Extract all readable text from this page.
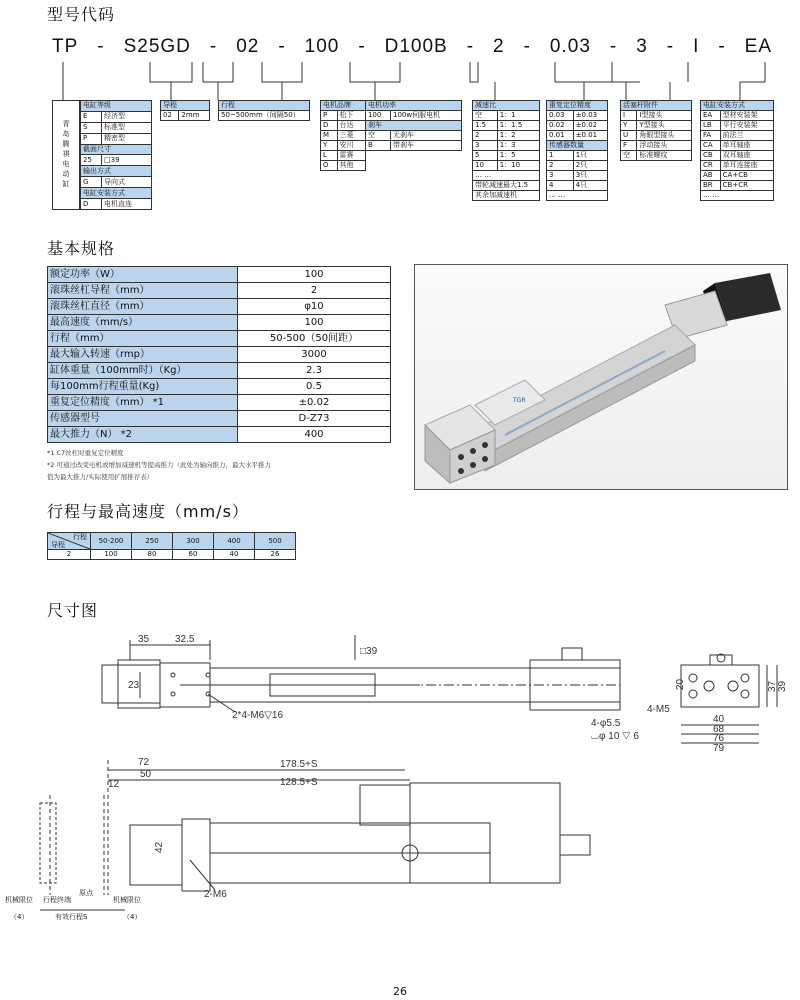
型号代码
TP - S25GD - 02 - 100 - D100B - 2 - 0.03 - 3 - I - EA
青岛腾祺电动缸
电缸等级	
E	经济型
S	标准型
P	精密型
截面尺寸	
25	□39
输出方式	
G	导向式
电缸安装方式	
D	电机直连
导程
02	2mm
行程
50~500mm（间隔50）
电机品牌		电机功率	
P	松下	100	100w伺服电机
D	台达	刹车	
M	三菱	空	无刹车
Y	安川	B	带刹车
L	雷赛		
O	其他		
减速比	
空	1：1
1.5	1：1.5
2	1：2
3	1：3
5	1：5
10	1：10
… …	
带轮减速最大1.5	
其余加减速机	
重复定位精度	
0.03	±0.03
0.02	±0.02
0.01	±0.01
传感器数量	
1	1只
2	2只
3	3只
4	4只
… …	
活塞杆附件	
I	I型接头
Y	Y型接头
U	角眼型接头
F	浮动接头
空	标准螺纹
电缸安装方式	
EA	型材安装架
LB	平行安装架
FA	前法兰
CA	单耳轴座
CB	双耳轴座
CR	单耳连接座
AB	CA+CB
BR	CB+CR
… …	
基本规格
额定功率（W）	100
滚珠丝杠导程（mm）	2
滚珠丝杠直径（mm）	φ10
最高速度（mm/s）	100
行程（mm）	50-500（50间距）
最大输入转速（rmp）	3000
缸体重量（100mm时）（Kg）	2.3
每100mm行程重量(Kg)	0.5
重复定位精度（mm） *1	±0.02
传感器型号	D-Z73
最大推力（N） *2	400
*1 C7丝杠时重复定位精度
*2 可通过改变电机或增加减速机等提高推力（此处为轴向推力，最大水平推力
值为最大推力/实际使用扩展推荐表）
TGR
行程与最高速度（mm/s）
行程
导程	50-200	250	300	400	500
2	100	80	60	40	26
尺寸图
35	32.5
23
□39
2*4-M6▽16
20
4-M5
40
68
76
79
37 39
4-φ5.5
⌴φ 10 ▽ 6
72
50
12
178.5+S
128.5+S
42
2-M6
机械限位 行程终端
原点
机械限位
（4）	有效行程S	（4）
26
